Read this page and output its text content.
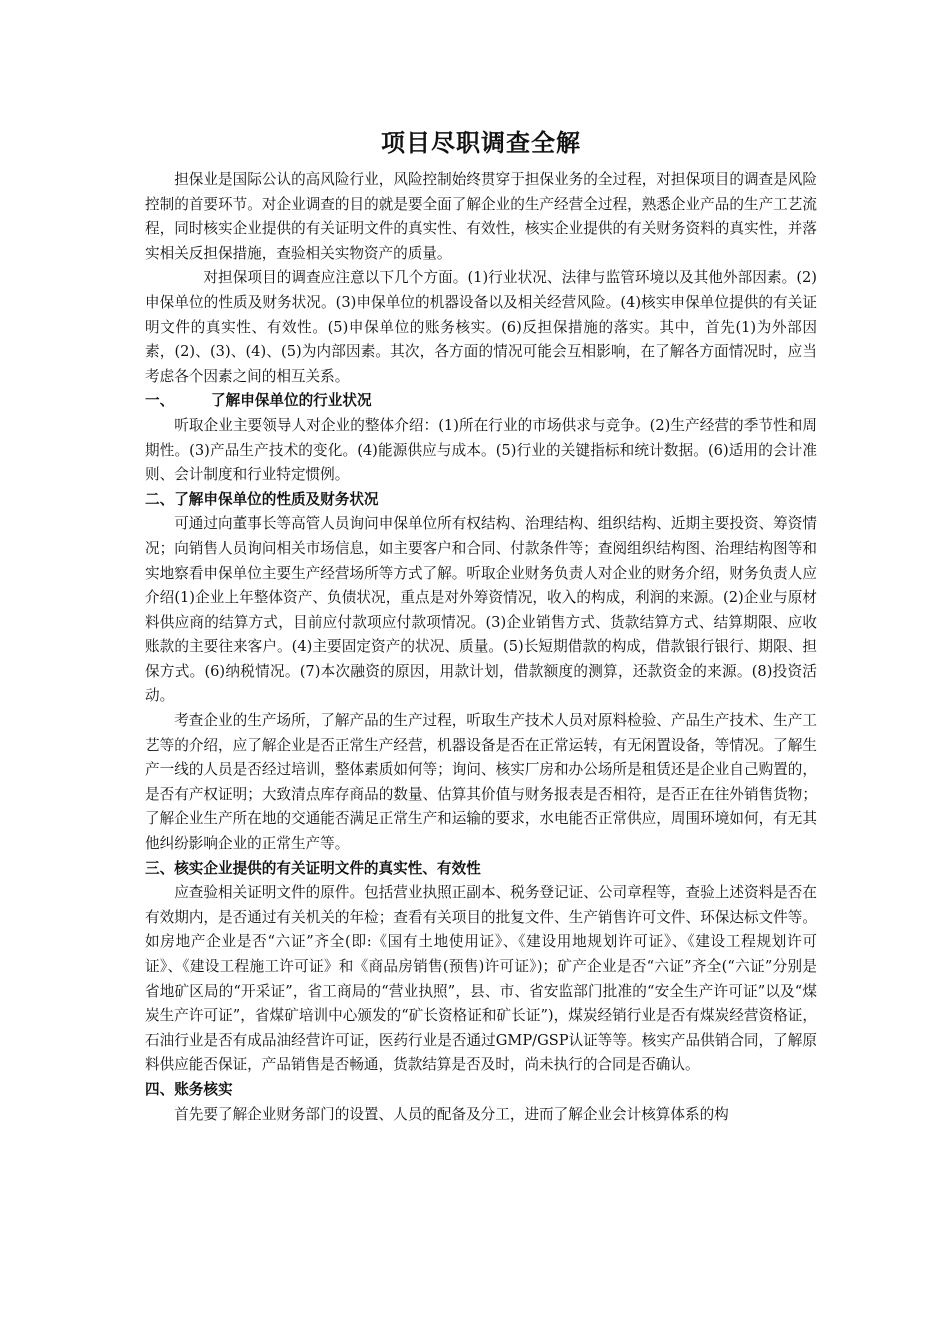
项目尽职调查全解

担保业是国际公认的高风险行业，风险控制始终贯穿于担保业务的全过程，对担保项目的调查是风险控制的首要环节。对企业调查的目的就是要全面了解企业的生产经营全过程，熟悉企业产品的生产工艺流程，同时核实企业提供的有关证明文件的真实性、有效性，核实企业提供的有关财务资料的真实性，并落实相关反担保措施，查验相关实物资产的质量。

对担保项目的调查应注意以下几个方面。(1)行业状况、法律与监管环境以及其他外部因素。(2)申保单位的性质及财务状况。(3)申保单位的机器设备以及相关经营风险。(4)核实申保单位提供的有关证明文件的真实性、有效性。(5)申保单位的账务核实。(6)反担保措施的落实。其中，首先(1)为外部因素，(2)、(3)、(4)、(5)为内部因素。其次，各方面的情况可能会互相影响，在了解各方面情况时，应当考虑各个因素之间的相互关系。

一、	了解申保单位的行业状况

听取企业主要领导人对企业的整体介绍：(1)所在行业的市场供求与竞争。(2)生产经营的季节性和周期性。(3)产品生产技术的变化。(4)能源供应与成本。(5)行业的关键指标和统计数据。(6)适用的会计准则、会计制度和行业特定惯例。

二、了解申保单位的性质及财务状况

可通过向董事长等高管人员询问申保单位所有权结构、治理结构、组织结构、近期主要投资、筹资情况；向销售人员询问相关市场信息，如主要客户和合同、付款条件等；查阅组织结构图、治理结构图等和实地察看申保单位主要生产经营场所等方式了解。听取企业财务负责人对企业的财务介绍，财务负责人应介绍(1)企业上年整体资产、负债状况，重点是对外筹资情况，收入的构成，利润的来源。(2)企业与原材料供应商的结算方式，目前应付款项应付款项情况。(3)企业销售方式、货款结算方式、结算期限、应收账款的主要往来客户。(4)主要固定资产的状况、质量。(5)长短期借款的构成，借款银行银行、期限、担保方式。(6)纳税情况。(7)本次融资的原因，用款计划，借款额度的测算，还款资金的来源。(8)投资活动。

考查企业的生产场所，了解产品的生产过程，听取生产技术人员对原料检验、产品生产技术、生产工艺等的介绍，应了解企业是否正常生产经营，机器设备是否在正常运转，有无闲置设备，等情况。了解生产一线的人员是否经过培训，整体素质如何等；询问、核实厂房和办公场所是租赁还是企业自己购置的，是否有产权证明；大致清点库存商品的数量、估算其价值与财务报表是否相符，是否正在往外销售货物；了解企业生产所在地的交通能否满足正常生产和运输的要求，水电能否正常供应，周围环境如何，有无其他纠纷影响企业的正常生产等。

三、核实企业提供的有关证明文件的真实性、有效性

应查验相关证明文件的原件。包括营业执照正副本、税务登记证、公司章程等，查验上述资料是否在有效期内，是否通过有关机关的年检；查看有关项目的批复文件、生产销售许可文件、环保达标文件等。如房地产企业是否“六证”齐全(即:《国有土地使用证》、《建设用地规划许可证》、《建设工程规划许可证》、《建设工程施工许可证》和《商品房销售(预售)许可证》)；矿产企业是否“六证”齐全(“六证”分别是省地矿区局的“开采证”，省工商局的“营业执照”，县、市、省安监部门批准的“安全生产许可证”以及“煤炭生产许可证”，省煤矿培训中心颁发的“矿长资格证和矿长证”)，煤炭经销行业是否有煤炭经营资格证，石油行业是否有成品油经营许可证，医药行业是否通过GMP/GSP认证等等。核实产品供销合同，了解原料供应能否保证，产品销售是否畅通，货款结算是否及时，尚未执行的合同是否确认。

四、账务核实

首先要了解企业财务部门的设置、人员的配备及分工，进而了解企业会计核算体系的构
